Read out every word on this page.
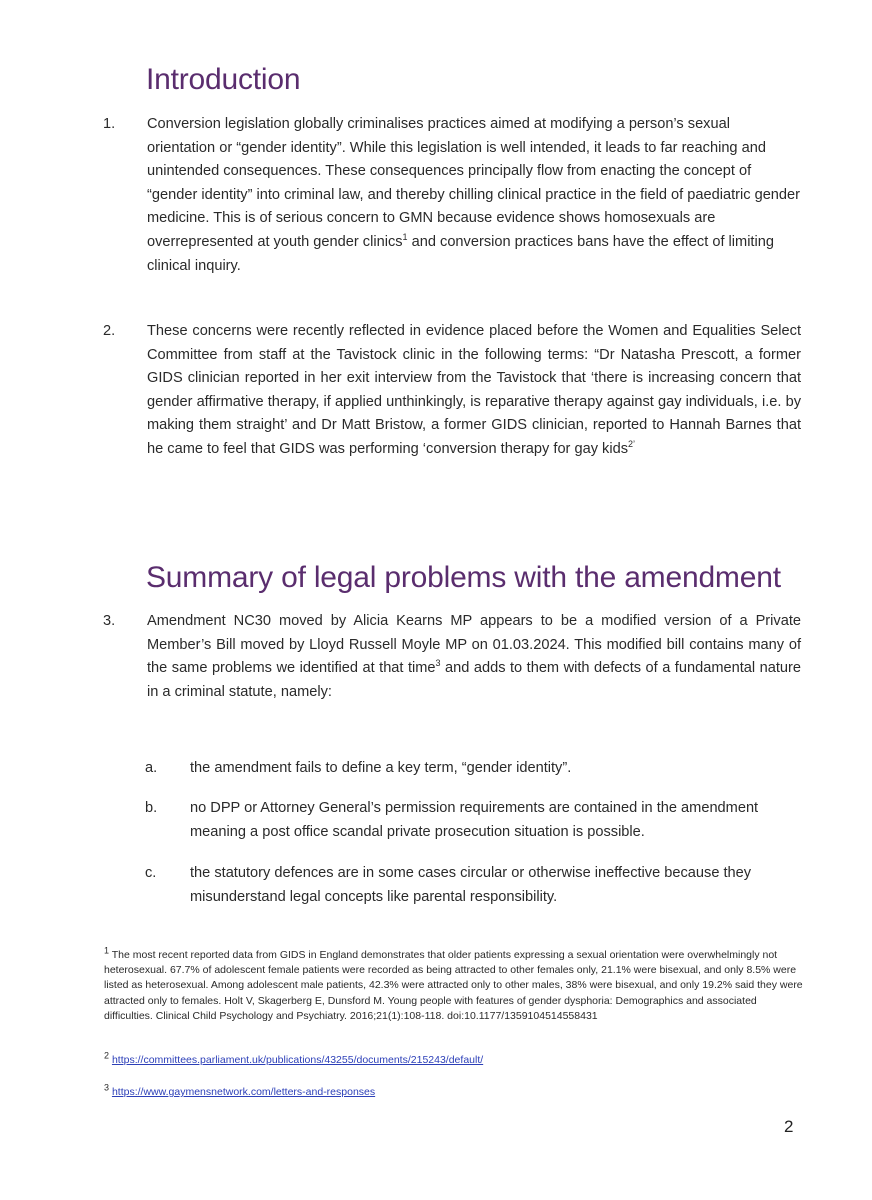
Introduction
1.	Conversion legislation globally criminalises practices aimed at modifying a person’s sexual orientation or “gender identity”. While this legislation is well intended, it leads to far reaching and unintended consequences. These consequences principally flow from enacting the concept of “gender identity” into criminal law, and thereby chilling clinical practice in the field of paediatric gender medicine. This is of serious concern to GMN because evidence shows homosexuals are overrepresented at youth gender clinics$^1$ and conversion practices bans have the effect of limiting clinical inquiry.
2.	These concerns were recently reflected in evidence placed before the Women and Equalities Select Committee from staff at the Tavistock clinic in the following terms: “Dr Natasha Prescott, a former GIDS clinician reported in her exit interview from the Tavistock that ‘there is increasing concern that gender affirmative therapy, if applied unthinkingly, is reparative therapy against gay individuals, i.e. by making them straight’ and Dr Matt Bristow, a former GIDS clinician, reported to Hannah Barnes that he came to feel that GIDS was performing ‘conversion therapy for gay kids$^{2’}$
Summary of legal problems with the amendment
3.	Amendment NC30 moved by Alicia Kearns MP appears to be a modified version of a Private Member’s Bill moved by Lloyd Russell Moyle MP on 01.03.2024. This modified bill contains many of the same problems we identified at that time$^3$ and adds to them with defects of a fundamental nature in a criminal statute, namely:
a. the amendment fails to define a key term, “gender identity”.
b. no DPP or Attorney General’s permission requirements are contained in the amendment meaning a post office scandal private prosecution situation is possible.
c. the statutory defences are in some cases circular or otherwise ineffective because they misunderstand legal concepts like parental responsibility.
$^1$ The most recent reported data from GIDS in England demonstrates that older patients expressing a sexual orientation were overwhelmingly not heterosexual. 67.7% of adolescent female patients were recorded as being attracted to other females only, 21.1% were bisexual, and only 8.5% were listed as heterosexual. Among adolescent male patients, 42.3% were attracted only to other males, 38% were bisexual, and only 19.2% said they were attracted only to females. Holt V, Skagerberg E, Dunsford M. Young people with features of gender dysphoria: Demographics and associated difficulties. Clinical Child Psychology and Psychiatry. 2016;21(1):108-118. doi:10.1177/1359104514558431
$^2$ https://committees.parliament.uk/publications/43255/documents/215243/default/
$^3$ https://www.gaymensnetwork.com/letters-and-responses
2
